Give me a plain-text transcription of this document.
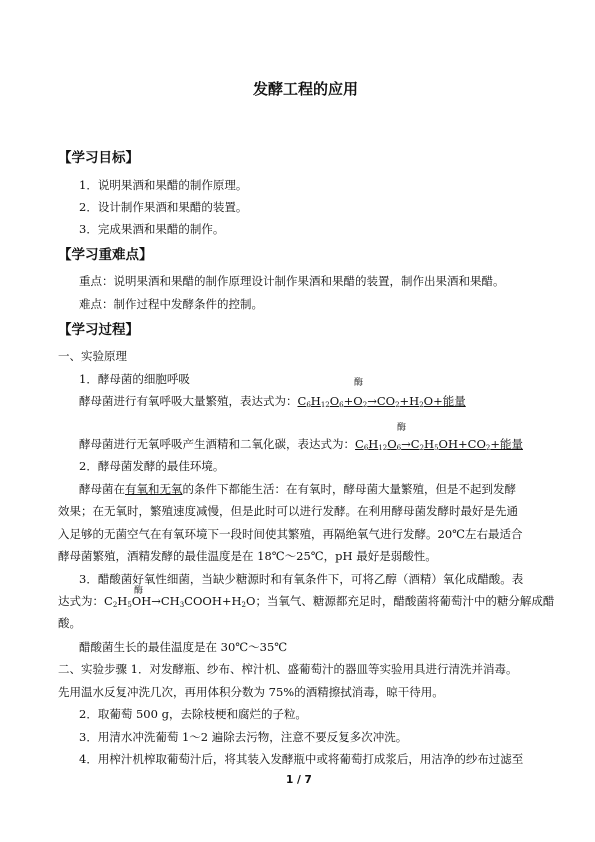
发酵工程的应用
【学习目标】
1．说明果酒和果醋的制作原理。
2．设计制作果酒和果醋的装置。
3．完成果酒和果醋的制作。
【学习重难点】
重点：说明果酒和果醋的制作原理设计制作果酒和果醋的装置，制作出果酒和果醋。
难点：制作过程中发酵条件的控制。
【学习过程】
一、实验原理
1．酵母菌的细胞呼吸	酶
酵母菌进行有氧呼吸大量繁殖，表达式为：$C_6H_{12}O_6+O_2\to CO_2+H_2O+$能量
酶
酵母菌进行无氧呼吸产生酒精和二氧化碳，表达式为：$C_6H_{12}O_6\to C_2H_5OH+CO_2+$能量
2．酵母菌发酵的最佳环境。
酵母菌在有氧和无氧的条件下都能生活：在有氧时，酵母菌大量繁殖，但是不起到发酵
效果；在无氧时，繁殖速度减慢，但是此时可以进行发酵。在利用酵母菌发酵时最好是先通
入足够的无菌空气在有氧环境下一段时间使其繁殖，再隔绝氧气进行发酵。20℃左右最适合
酵母菌繁殖，酒精发酵的最佳温度是在 18℃～25℃，pH 最好是弱酸性。
3．醋酸菌好氧性细菌，当缺少糖源时和有氧条件下，可将乙醇（酒精）氧化成醋酸。表
酶
达式为：$C_2H_5OH\to CH_3COOH+H_2O$；当氧气、糖源都充足时，醋酸菌将葡萄汁中的糖分解成醋
酸。
醋酸菌生长的最佳温度是在 30℃～35℃
二、实验步骤 1．对发酵瓶、纱布、榨汁机、盛葡萄汁的器皿等实验用具进行清洗并消毒。
先用温水反复冲洗几次，再用体积分数为 75%的酒精擦拭消毒，晾干待用。
2．取葡萄 500 g，去除枝梗和腐烂的子粒。
3．用清水冲洗葡萄 1～2 遍除去污物，注意不要反复多次冲洗。
4．用榨汁机榨取葡萄汁后，将其装入发酵瓶中或将葡萄打成浆后，用洁净的纱布过滤至
1 / 7
